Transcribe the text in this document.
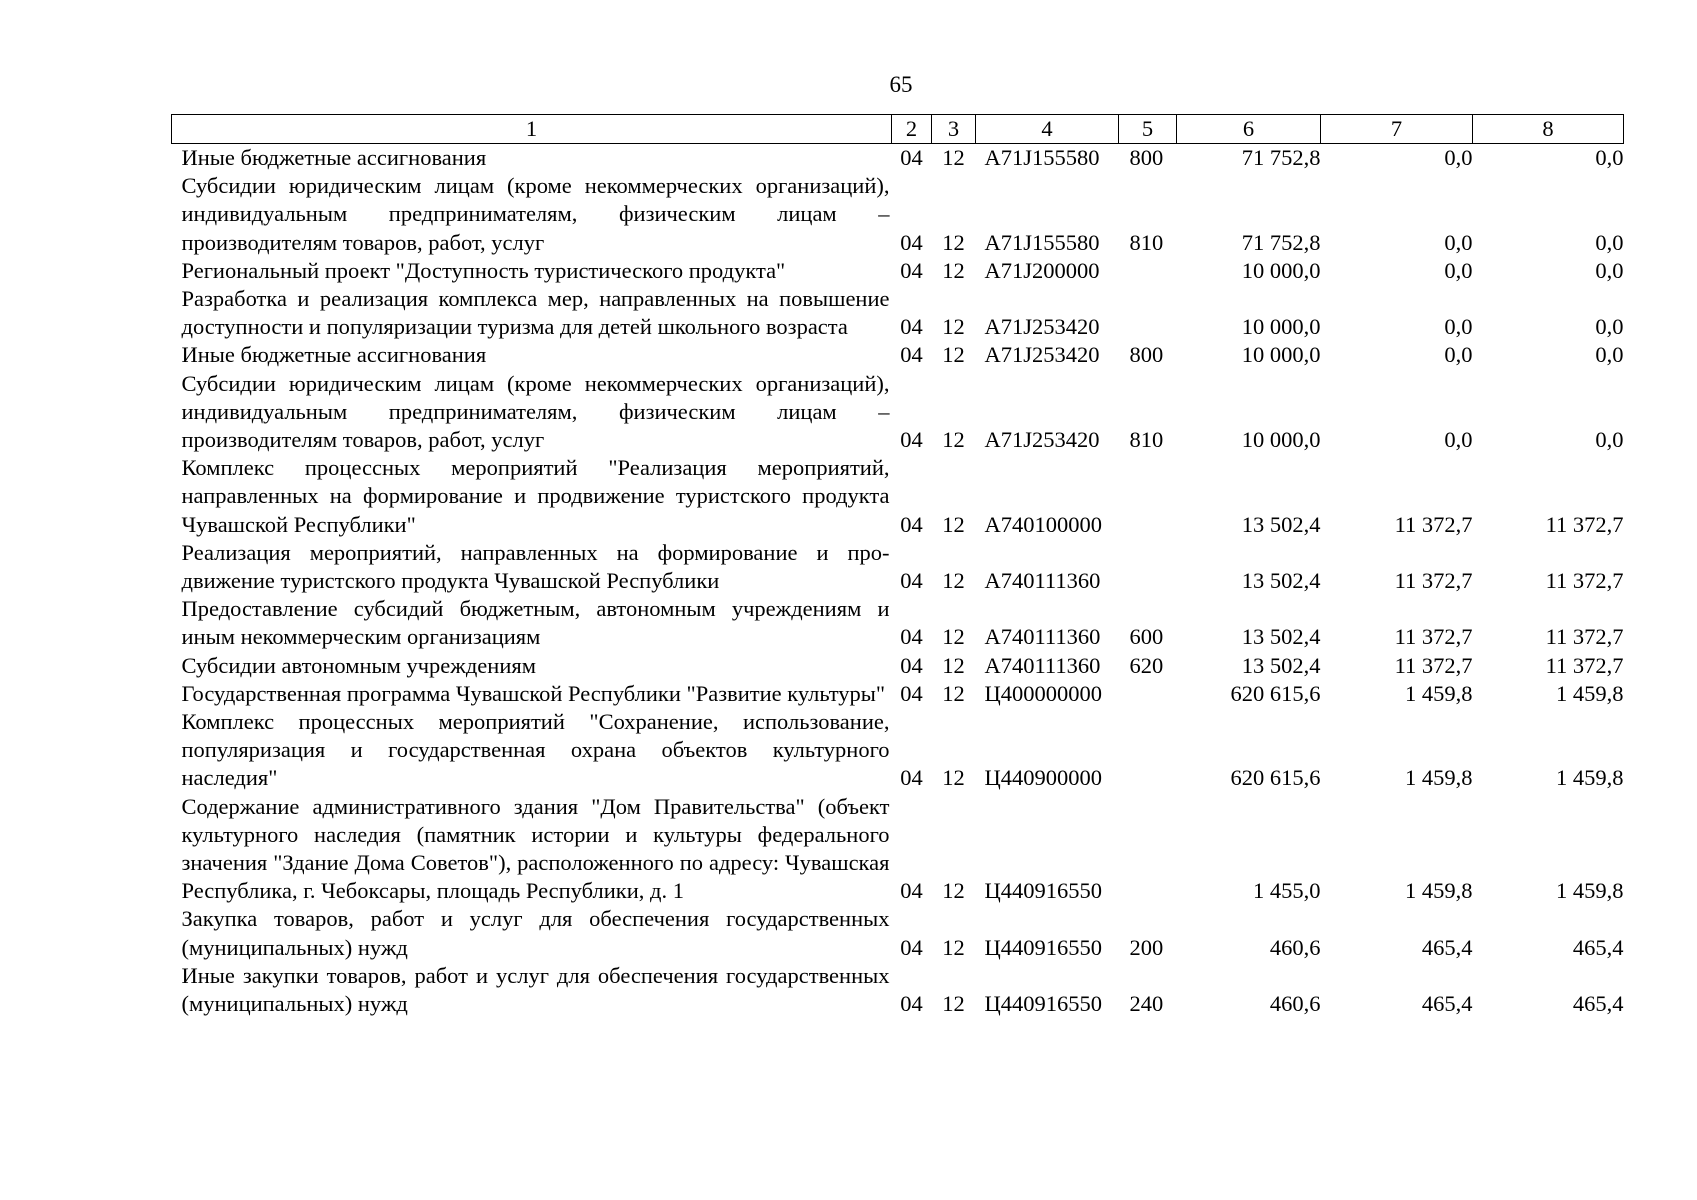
65
1	2	3	4	5	6	7	8
Иные бюджетные ассигнования	04	12	А71J155580	800	71 752,8	0,0	0,0
Субсидии юридическим лицам (кроме некоммерческих организаций), индивидуальным предпринимателям, физическим лицам – производителям товаров, работ, услуг	04	12	А71J155580	810	71 752,8	0,0	0,0
Региональный проект "Доступность туристического продукта"	04	12	А71J200000		10 000,0	0,0	0,0
Разработка и реализация комплекса мер, направленных на повышение доступности и популяризации туризма для детей школьного возраста	04	12	А71J253420		10 000,0	0,0	0,0
Иные бюджетные ассигнования	04	12	А71J253420	800	10 000,0	0,0	0,0
Субсидии юридическим лицам (кроме некоммерческих организаций), индивидуальным предпринимателям, физическим лицам – производителям товаров, работ, услуг	04	12	А71J253420	810	10 000,0	0,0	0,0
Комплекс процессных мероприятий "Реализация мероприятий, направленных на формирование и продвижение туристского продукта Чувашской Республики"	04	12	А740100000		13 502,4	11 372,7	11 372,7
Реализация мероприятий, направленных на формирование и продвижение туристского продукта Чувашской Республики	04	12	А740111360		13 502,4	11 372,7	11 372,7
Предоставление субсидий бюджетным, автономным учреждениям и иным некоммерческим организациям	04	12	А740111360	600	13 502,4	11 372,7	11 372,7
Субсидии автономным учреждениям	04	12	А740111360	620	13 502,4	11 372,7	11 372,7
Государственная программа Чувашской Республики "Развитие культуры"	04	12	Ц400000000		620 615,6	1 459,8	1 459,8
Комплекс процессных мероприятий "Сохранение, использование, популяризация и государственная охрана объектов культурного наследия"	04	12	Ц440900000		620 615,6	1 459,8	1 459,8
Содержание административного здания "Дом Правительства" (объект культурного наследия (памятник истории и культуры федерального значения "Здание Дома Советов"), расположенного по адресу: Чувашская Республика, г. Чебоксары, площадь Республики, д. 1	04	12	Ц440916550		1 455,0	1 459,8	1 459,8
Закупка товаров, работ и услуг для обеспечения государственных (муниципальных) нужд	04	12	Ц440916550	200	460,6	465,4	465,4
Иные закупки товаров, работ и услуг для обеспечения государственных (муниципальных) нужд	04	12	Ц440916550	240	460,6	465,4	465,4
